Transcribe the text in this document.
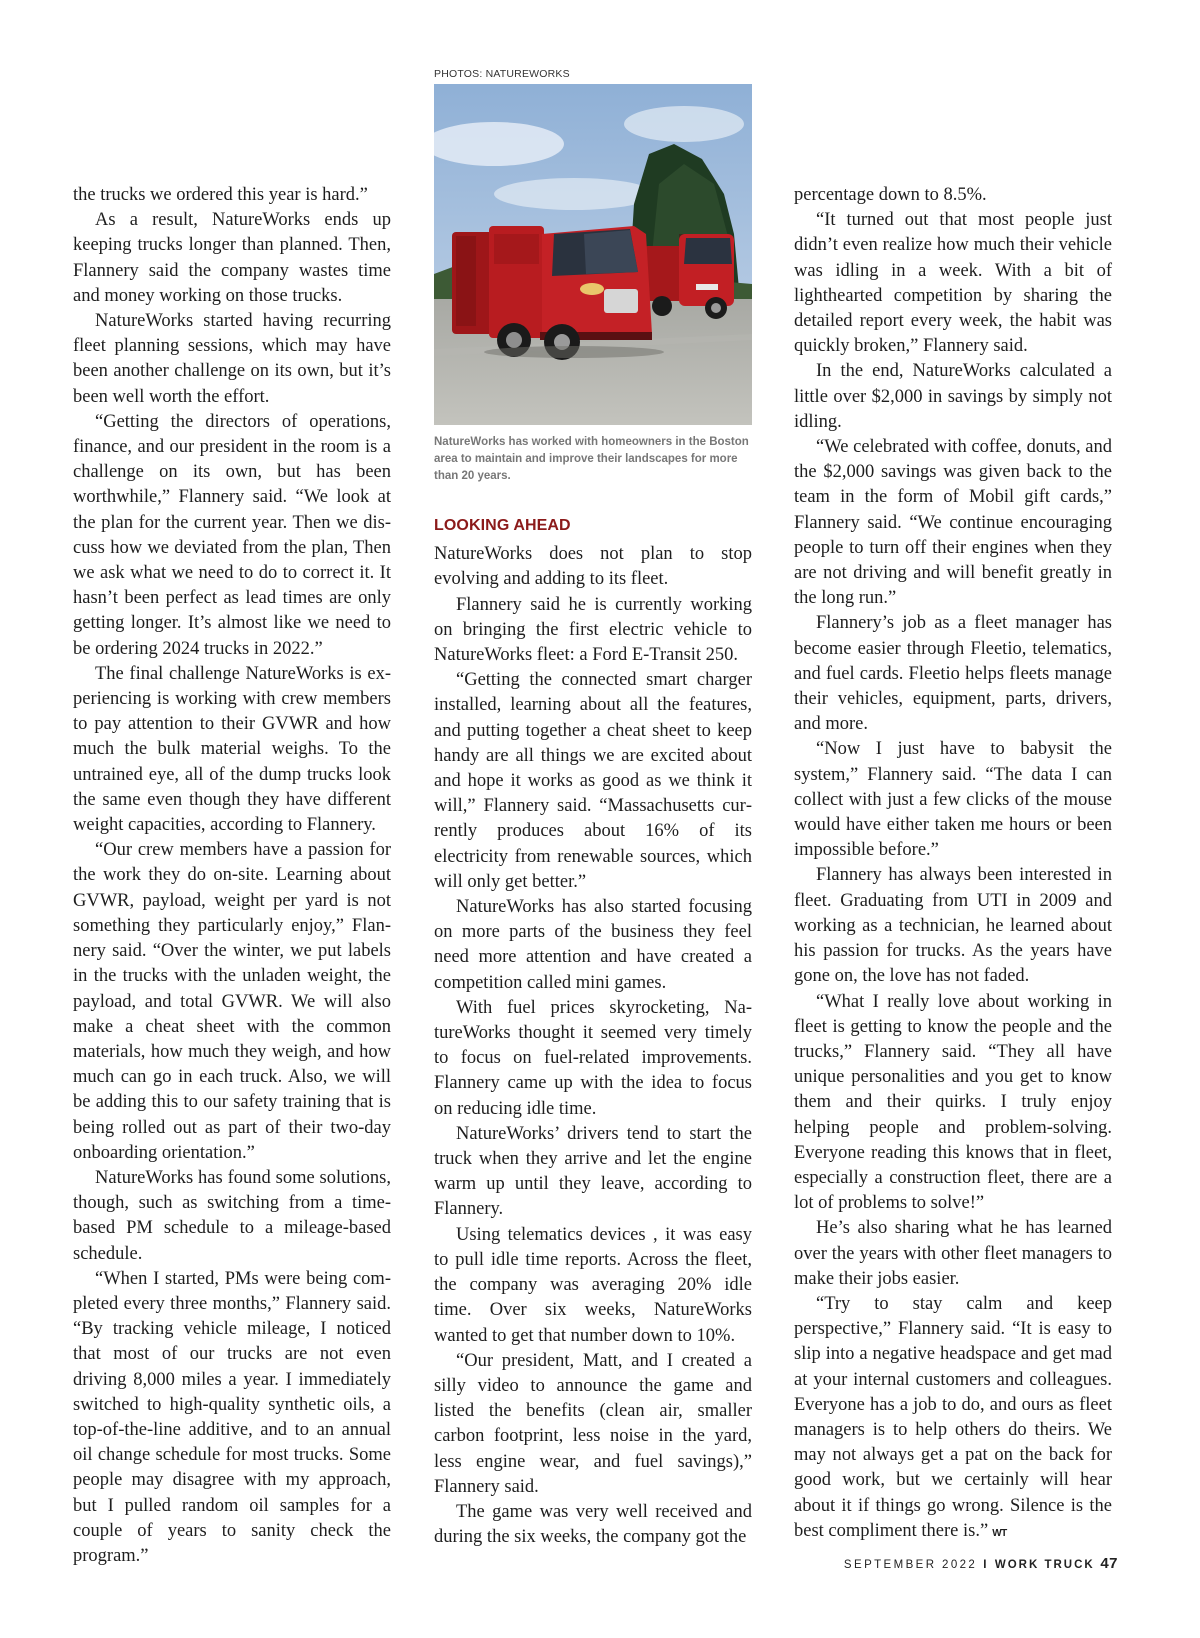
PHOTOS: NATUREWORKS
NatureWorks has worked with homeowners in the Boston area to maintain and improve their landscapes for more than 20 years.

the trucks we ordered this year is hard.”

As a result, NatureWorks ends up keeping trucks longer than planned. Then, Flannery said the company wastes time and money working on those trucks.

NatureWorks started having recurring fleet planning sessions, which may have been another challenge on its own, but it’s been well worth the effort.

“Getting the directors of operations, finance, and our president in the room is a challenge on its own, but has been worthwhile,” Flannery said. “We look at the plan for the current year. Then we discuss how we deviated from the plan, Then we ask what we need to do to correct it. It hasn’t been perfect as lead times are only getting longer. It’s almost like we need to be ordering 2024 trucks in 2022.”

The final challenge NatureWorks is experiencing is working with crew members to pay attention to their GVWR and how much the bulk material weighs. To the untrained eye, all of the dump trucks look the same even though they have different weight capacities, according to Flannery.

“Our crew members have a passion for the work they do on-site. Learning about GVWR, payload, weight per yard is not something they particularly enjoy,” Flannery said. “Over the winter, we put labels in the trucks with the unladen weight, the payload, and total GVWR. We will also make a cheat sheet with the common materials, how much they weigh, and how much can go in each truck. Also, we will be adding this to our safety training that is being rolled out as part of their two-day onboarding orientation.”

NatureWorks has found some solutions, though, such as switching from a time-based PM schedule to a mileage-based schedule.

“When I started, PMs were being completed every three months,” Flannery said. “By tracking vehicle mileage, I noticed that most of our trucks are not even driving 8,000 miles a year. I immediately switched to high-quality synthetic oils, a top-of-the-line additive, and to an annual oil change schedule for most trucks. Some people may disagree with my approach, but I pulled random oil samples for a couple of years to sanity check the program.”

LOOKING AHEAD

NatureWorks does not plan to stop evolving and adding to its fleet.

Flannery said he is currently working on bringing the first electric vehicle to NatureWorks fleet: a Ford E-Transit 250.

“Getting the connected smart charger installed, learning about all the features, and putting together a cheat sheet to keep handy are all things we are excited about and hope it works as good as we think it will,” Flannery said. “Massachusetts currently produces about 16% of its electricity from renewable sources, which will only get better.”

NatureWorks has also started focusing on more parts of the business they feel need more attention and have created a competition called mini games.

With fuel prices skyrocketing, NatureWorks thought it seemed very timely to focus on fuel-related improvements. Flannery came up with the idea to focus on reducing idle time.

NatureWorks’ drivers tend to start the truck when they arrive and let the engine warm up until they leave, according to Flannery.

Using telematics devices , it was easy to pull idle time reports. Across the fleet, the company was averaging 20% idle time. Over six weeks, NatureWorks wanted to get that number down to 10%.

“Our president, Matt, and I created a silly video to announce the game and listed the benefits (clean air, smaller carbon footprint, less noise in the yard, less engine wear, and fuel savings),” Flannery said.

The game was very well received and during the six weeks, the company got the

percentage down to 8.5%.

“It turned out that most people just didn’t even realize how much their vehicle was idling in a week. With a bit of lighthearted competition by sharing the detailed report every week, the habit was quickly broken,” Flannery said.

In the end, NatureWorks calculated a little over $2,000 in savings by simply not idling.

“We celebrated with coffee, donuts, and the $2,000 savings was given back to the team in the form of Mobil gift cards,” Flannery said. “We continue encouraging people to turn off their engines when they are not driving and will benefit greatly in the long run.”

Flannery’s job as a fleet manager has become easier through Fleetio, telematics, and fuel cards. Fleetio helps fleets manage their vehicles, equipment, parts, drivers, and more.

“Now I just have to babysit the system,” Flannery said. “The data I can collect with just a few clicks of the mouse would have either taken me hours or been impossible before.”

Flannery has always been interested in fleet. Graduating from UTI in 2009 and working as a technician, he learned about his passion for trucks. As the years have gone on, the love has not faded.

“What I really love about working in fleet is getting to know the people and the trucks,” Flannery said. “They all have unique personalities and you get to know them and their quirks. I truly enjoy helping people and problem-solving. Everyone reading this knows that in fleet, especially a construction fleet, there are a lot of problems to solve!”

He’s also sharing what he has learned over the years with other fleet managers to make their jobs easier.

“Try to stay calm and keep perspective,” Flannery said. “It is easy to slip into a negative headspace and get mad at your internal customers and colleagues. Everyone has a job to do, and ours as fleet managers is to help others do theirs. We may not always get a pat on the back for good work, but we certainly will hear about it if things go wrong. Silence is the best compliment there is.” WT

SEPTEMBER 2022 I WORK TRUCK 47
